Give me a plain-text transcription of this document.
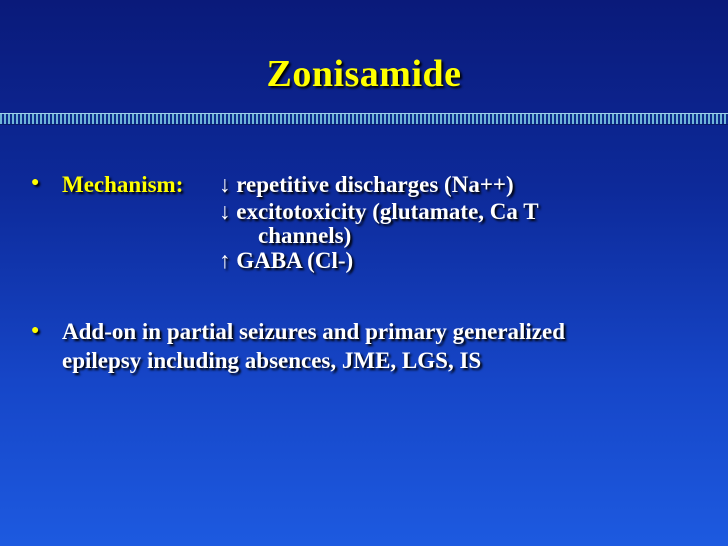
Zonisamide
● Mechanism: ↓ repetitive discharges (Na++)
↓ excitotoxicity (glutamate, Ca T
channels)
↑ GABA (Cl-)
● Add-on in partial seizures and primary generalized
epilepsy including absences, JME, LGS, IS
